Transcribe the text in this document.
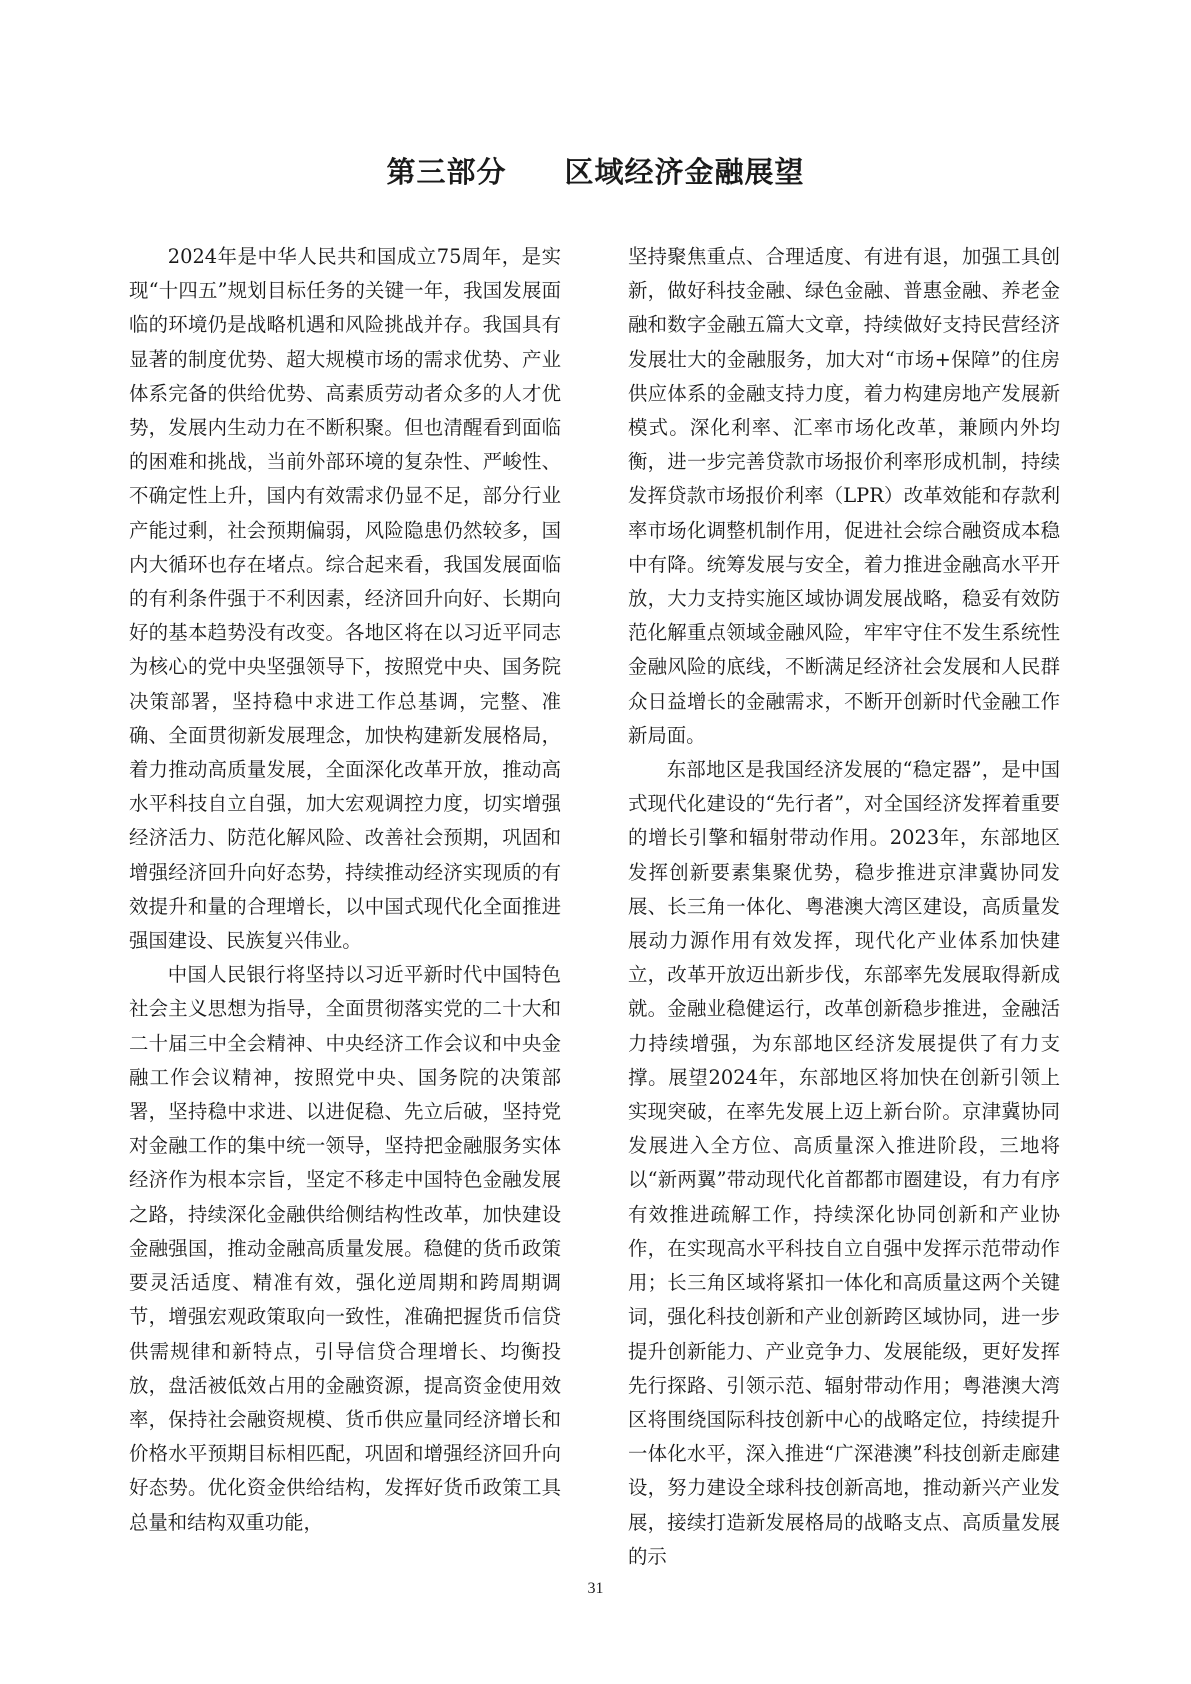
第三部分 区域经济金融展望

2024年是中华人民共和国成立75周年，是实现“十四五”规划目标任务的关键一年，我国发展面临的环境仍是战略机遇和风险挑战并存。我国具有显著的制度优势、超大规模市场的需求优势、产业体系完备的供给优势、高素质劳动者众多的人才优势，发展内生动力在不断积聚。但也清醒看到面临的困难和挑战，当前外部环境的复杂性、严峻性、不确定性上升，国内有效需求仍显不足，部分行业产能过剩，社会预期偏弱，风险隐患仍然较多，国内大循环也存在堵点。综合起来看，我国发展面临的有利条件强于不利因素，经济回升向好、长期向好的基本趋势没有改变。各地区将在以习近平同志为核心的党中央坚强领导下，按照党中央、国务院决策部署，坚持稳中求进工作总基调，完整、准确、全面贯彻新发展理念，加快构建新发展格局，着力推动高质量发展，全面深化改革开放，推动高水平科技自立自强，加大宏观调控力度，切实增强经济活力、防范化解风险、改善社会预期，巩固和增强经济回升向好态势，持续推动经济实现质的有效提升和量的合理增长，以中国式现代化全面推进强国建设、民族复兴伟业。

中国人民银行将坚持以习近平新时代中国特色社会主义思想为指导，全面贯彻落实党的二十大和二十届三中全会精神、中央经济工作会议和中央金融工作会议精神，按照党中央、国务院的决策部署，坚持稳中求进、以进促稳、先立后破，坚持党对金融工作的集中统一领导，坚持把金融服务实体经济作为根本宗旨，坚定不移走中国特色金融发展之路，持续深化金融供给侧结构性改革，加快建设金融强国，推动金融高质量发展。稳健的货币政策要灵活适度、精准有效，强化逆周期和跨周期调节，增强宏观政策取向一致性，准确把握货币信贷供需规律和新特点，引导信贷合理增长、均衡投放，盘活被低效占用的金融资源，提高资金使用效率，保持社会融资规模、货币供应量同经济增长和价格水平预期目标相匹配，巩固和增强经济回升向好态势。优化资金供给结构，发挥好货币政策工具总量和结构双重功能，

坚持聚焦重点、合理适度、有进有退，加强工具创新，做好科技金融、绿色金融、普惠金融、养老金融和数字金融五篇大文章，持续做好支持民营经济发展壮大的金融服务，加大对“市场+保障”的住房供应体系的金融支持力度，着力构建房地产发展新模式。深化利率、汇率市场化改革，兼顾内外均衡，进一步完善贷款市场报价利率形成机制，持续发挥贷款市场报价利率（LPR）改革效能和存款利率市场化调整机制作用，促进社会综合融资成本稳中有降。统筹发展与安全，着力推进金融高水平开放，大力支持实施区域协调发展战略，稳妥有效防范化解重点领域金融风险，牢牢守住不发生系统性金融风险的底线，不断满足经济社会发展和人民群众日益增长的金融需求，不断开创新时代金融工作新局面。

东部地区是我国经济发展的“稳定器”，是中国式现代化建设的“先行者”，对全国经济发挥着重要的增长引擎和辐射带动作用。2023年，东部地区发挥创新要素集聚优势，稳步推进京津冀协同发展、长三角一体化、粤港澳大湾区建设，高质量发展动力源作用有效发挥，现代化产业体系加快建立，改革开放迈出新步伐，东部率先发展取得新成就。金融业稳健运行，改革创新稳步推进，金融活力持续增强，为东部地区经济发展提供了有力支撑。展望2024年，东部地区将加快在创新引领上实现突破，在率先发展上迈上新台阶。京津冀协同发展进入全方位、高质量深入推进阶段，三地将以“新两翼”带动现代化首都都市圈建设，有力有序有效推进疏解工作，持续深化协同创新和产业协作，在实现高水平科技自立自强中发挥示范带动作用；长三角区域将紧扣一体化和高质量这两个关键词，强化科技创新和产业创新跨区域协同，进一步提升创新能力、产业竞争力、发展能级，更好发挥先行探路、引领示范、辐射带动作用；粤港澳大湾区将围绕国际科技创新中心的战略定位，持续提升一体化水平，深入推进“广深港澳”科技创新走廊建设，努力建设全球科技创新高地，推动新兴产业发展，接续打造新发展格局的战略支点、高质量发展的示

31
